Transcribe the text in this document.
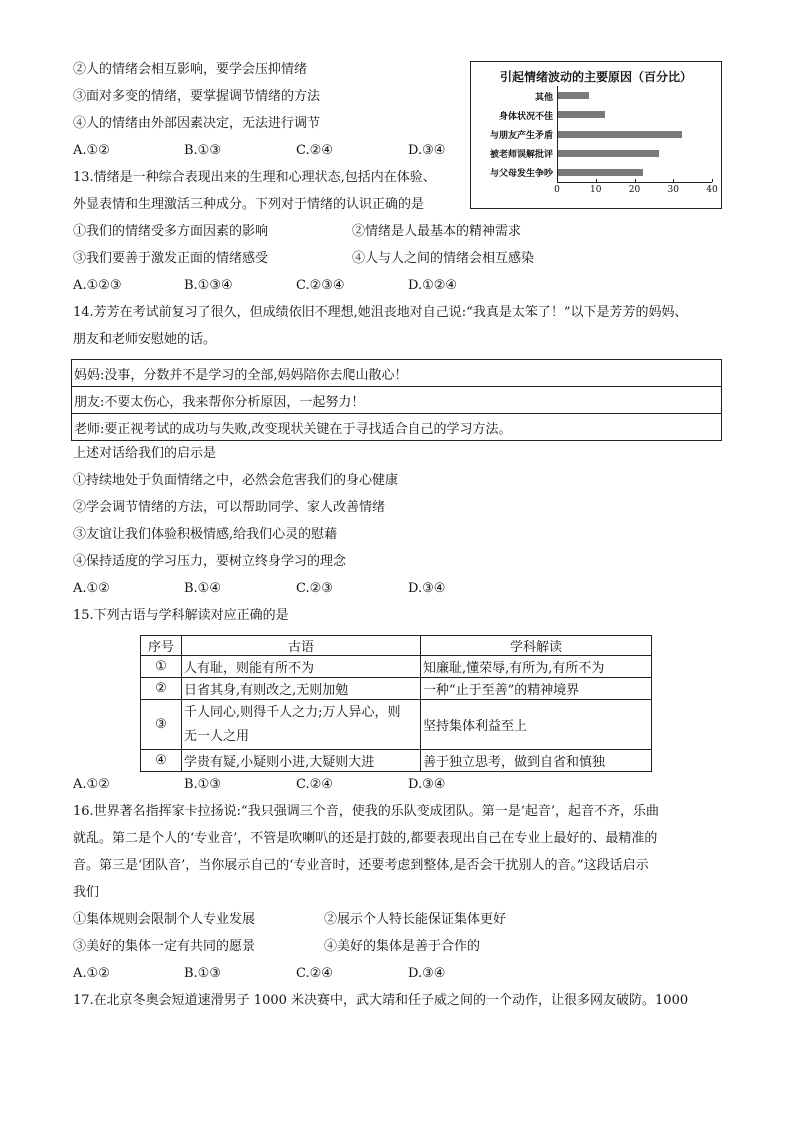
②人的情绪会相互影响，要学会压抑情绪
③面对多变的情绪，要掌握调节情绪的方法
④人的情绪由外部因素决定，无法进行调节
A.①②	B.①③	C.②④	D.③④
引起情绪波动的主要原因（百分比）
其他
身体状况不佳
与朋友产生矛盾
被老师误解批评
与父母发生争吵
0	10	20	30	40
13.情绪是一种综合表现出来的生理和心理状态,包括内在体验、
外显表情和生理激活三种成分。下列对于情绪的认识正确的是
①我们的情绪受多方面因素的影响	②情绪是人最基本的精神需求
③我们要善于激发正面的情绪感受	④人与人之间的情绪会相互感染
A.①②③	B.①③④	C.②③④	D.①②④
14.芳芳在考试前复习了很久，但成绩依旧不理想,她沮丧地对自己说:“我真是太笨了！”以下是芳芳的妈妈、
朋友和老师安慰她的话。
妈妈:没事，分数并不是学习的全部,妈妈陪你去爬山散心！
朋友:不要太伤心，我来帮你分析原因，一起努力！
老师:要正视考试的成功与失败,改变现状关键在于寻找适合自己的学习方法。
上述对话给我们的启示是
①持续地处于负面情绪之中，必然会危害我们的身心健康
②学会调节情绪的方法，可以帮助同学、家人改善情绪
③友谊让我们体验积极情感,给我们心灵的慰藉
④保持适度的学习压力，要树立终身学习的理念
A.①②	B.①④	C.②③	D.③④
15.下列古语与学科解读对应正确的是
序号	古语	学科解读
①	人有耻，则能有所不为	知廉耻,懂荣辱,有所为,有所不为
②	日省其身,有则改之,无则加勉	一种“止于至善”的精神境界
③	千人同心,则得千人之力;万人异心，则
无一人之用	坚持集体利益至上
④	学贵有疑,小疑则小进,大疑则大进	善于独立思考，做到自省和慎独
A.①②	B.①③	C.②④	D.③④
16.世界著名指挥家卡拉扬说:“我只强调三个音，使我的乐队变成团队。第一是‘起音’，起音不齐，乐曲
就乱。第二是个人的‘专业音’，不管是吹喇叭的还是打鼓的,都要表现出自己在专业上最好的、最精准的
音。第三是‘团队音’，当你展示自己的‘专业音时，还要考虑到整体,是否会干扰别人的音。”这段话启示
我们
①集体规则会限制个人专业发展	②展示个人特长能保证集体更好
③美好的集体一定有共同的愿景	④美好的集体是善于合作的
A.①②	B.①③	C.②④	D.③④
17.在北京冬奥会短道速滑男子 1000 米决赛中，武大靖和任子威之间的一个动作，让很多网友破防。1000
